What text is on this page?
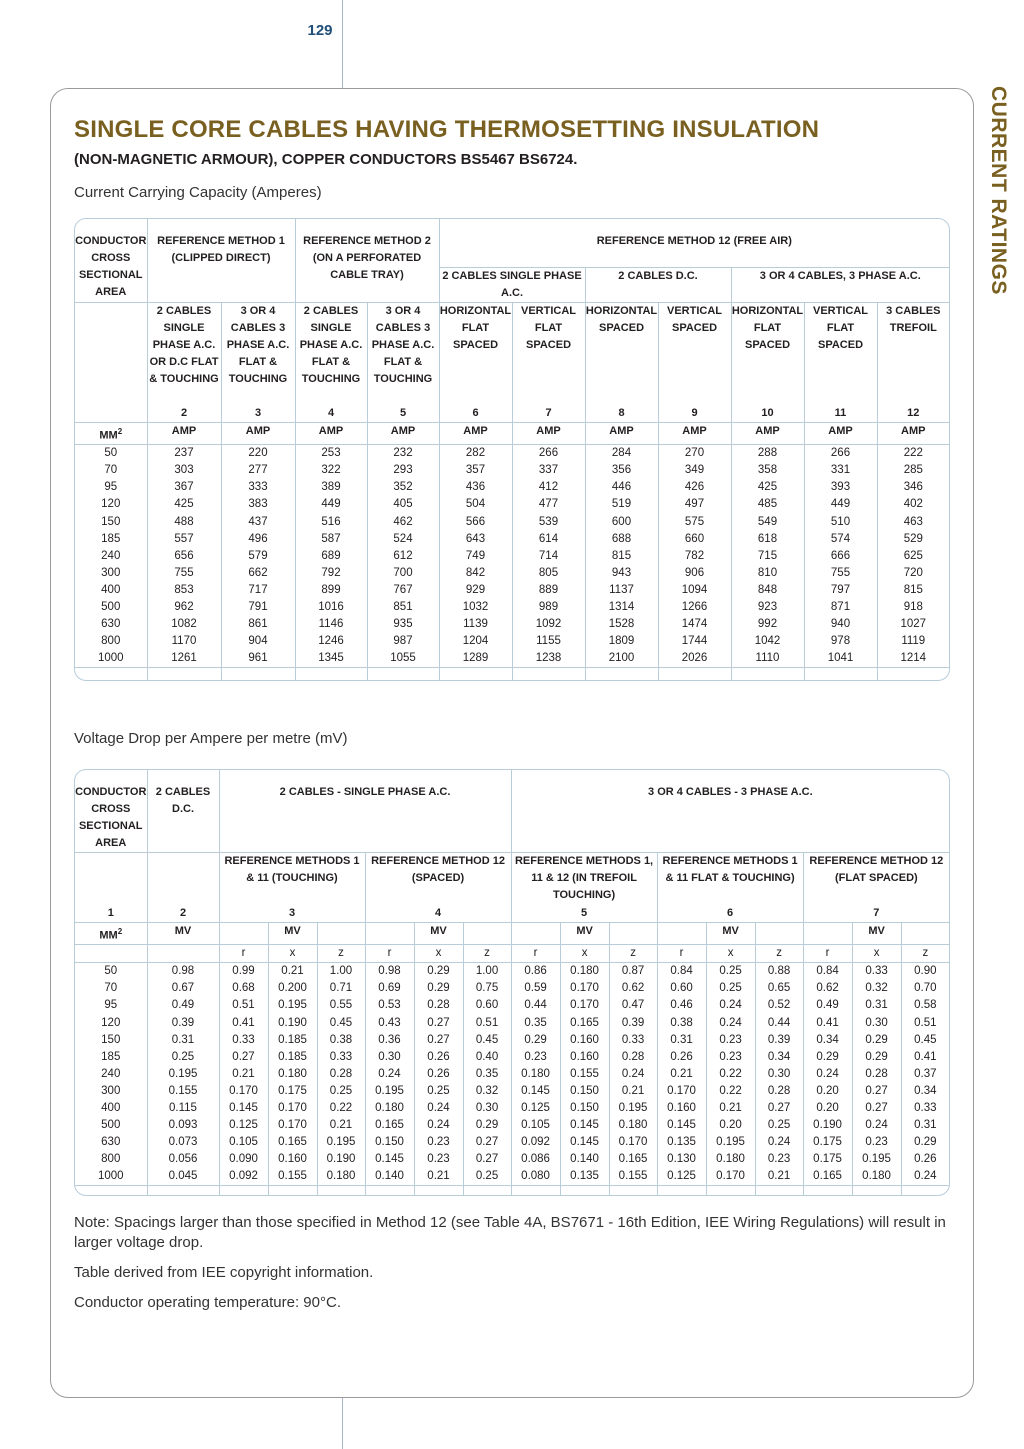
129
CURRENT RATINGS
SINGLE CORE CABLES HAVING THERMOSETTING INSULATION
(NON-MAGNETIC ARMOUR), COPPER CONDUCTORS BS5467 BS6724.
Current Carrying Capacity (Amperes)

CONDUCTOR CROSS SECTIONAL AREA	REFERENCE METHOD 1 (CLIPPED DIRECT)		REFERENCE METHOD 2 (ON A PERFORATED CABLE TRAY)		REFERENCE METHOD 12 (FREE AIR)						
					2 CABLES SINGLE PHASE A.C.		2 CABLES D.C.		3 OR 4 CABLES, 3 PHASE A.C.		
	2 CABLES SINGLE PHASE A.C. OR D.C FLAT & TOUCHING	3 OR 4 CABLES 3 PHASE A.C. FLAT & TOUCHING	2 CABLES SINGLE PHASE A.C. FLAT & TOUCHING	3 OR 4 CABLES 3 PHASE A.C. FLAT & TOUCHING	HORIZONTAL FLAT SPACED	VERTICAL FLAT SPACED	HORIZONTAL SPACED	VERTICAL SPACED	HORIZONTAL FLAT SPACED	VERTICAL FLAT SPACED	3 CABLES TREFOIL
	2	3	4	5	6	7	8	9	10	11	12
$MM^2$	AMP	AMP	AMP	AMP	AMP	AMP	AMP	AMP	AMP	AMP	AMP
50	237	220	253	232	282	266	284	270	288	266	222
70	303	277	322	293	357	337	356	349	358	331	285
95	367	333	389	352	436	412	446	426	425	393	346
120	425	383	449	405	504	477	519	497	485	449	402
150	488	437	516	462	566	539	600	575	549	510	463
185	557	496	587	524	643	614	688	660	618	574	529
240	656	579	689	612	749	714	815	782	715	666	625
300	755	662	792	700	842	805	943	906	810	755	720
400	853	717	899	767	929	889	1137	1094	848	797	815
500	962	791	1016	851	1032	989	1314	1266	923	871	918
630	1082	861	1146	935	1139	1092	1528	1474	992	940	1027
800	1170	904	1246	987	1204	1155	1809	1744	1042	978	1119
1000	1261	961	1345	1055	1289	1238	2100	2026	1110	1041	1214

Voltage Drop per Ampere per metre (mV)

CONDUCTOR CROSS SECTIONAL AREA	2 CABLES D.C.	2 CABLES - SINGLE PHASE A.C.						3 OR 4 CABLES - 3 PHASE A.C.								
		REFERENCE METHODS 1 & 11 (TOUCHING)			REFERENCE METHOD 12 (SPACED)			REFERENCE METHODS 1, 11 & 12 (IN TREFOIL TOUCHING)			REFERENCE METHODS 1 & 11 FLAT & TOUCHING)			REFERENCE METHOD 12 (FLAT SPACED)		
1	2	3			4			5			6			7		
$MM^2$	MV		MV			MV			MV			MV			MV	
		r	x	z	r	x	z	r	x	z	r	x	z	r	x	z
50	0.98	0.99	0.21	1.00	0.98	0.29	1.00	0.86	0.180	0.87	0.84	0.25	0.88	0.84	0.33	0.90
70	0.67	0.68	0.200	0.71	0.69	0.29	0.75	0.59	0.170	0.62	0.60	0.25	0.65	0.62	0.32	0.70
95	0.49	0.51	0.195	0.55	0.53	0.28	0.60	0.44	0.170	0.47	0.46	0.24	0.52	0.49	0.31	0.58
120	0.39	0.41	0.190	0.45	0.43	0.27	0.51	0.35	0.165	0.39	0.38	0.24	0.44	0.41	0.30	0.51
150	0.31	0.33	0.185	0.38	0.36	0.27	0.45	0.29	0.160	0.33	0.31	0.23	0.39	0.34	0.29	0.45
185	0.25	0.27	0.185	0.33	0.30	0.26	0.40	0.23	0.160	0.28	0.26	0.23	0.34	0.29	0.29	0.41
240	0.195	0.21	0.180	0.28	0.24	0.26	0.35	0.180	0.155	0.24	0.21	0.22	0.30	0.24	0.28	0.37
300	0.155	0.170	0.175	0.25	0.195	0.25	0.32	0.145	0.150	0.21	0.170	0.22	0.28	0.20	0.27	0.34
400	0.115	0.145	0.170	0.22	0.180	0.24	0.30	0.125	0.150	0.195	0.160	0.21	0.27	0.20	0.27	0.33
500	0.093	0.125	0.170	0.21	0.165	0.24	0.29	0.105	0.145	0.180	0.145	0.20	0.25	0.190	0.24	0.31
630	0.073	0.105	0.165	0.195	0.150	0.23	0.27	0.092	0.145	0.170	0.135	0.195	0.24	0.175	0.23	0.29
800	0.056	0.090	0.160	0.190	0.145	0.23	0.27	0.086	0.140	0.165	0.130	0.180	0.23	0.175	0.195	0.26
1000	0.045	0.092	0.155	0.180	0.140	0.21	0.25	0.080	0.135	0.155	0.125	0.170	0.21	0.165	0.180	0.24

Note: Spacings larger than those specified in Method 12 (see Table 4A, BS7671 - 16th Edition, IEE Wiring Regulations) will result in larger voltage drop.

Table derived from IEE copyright information.

Conductor operating temperature: 90°C.
